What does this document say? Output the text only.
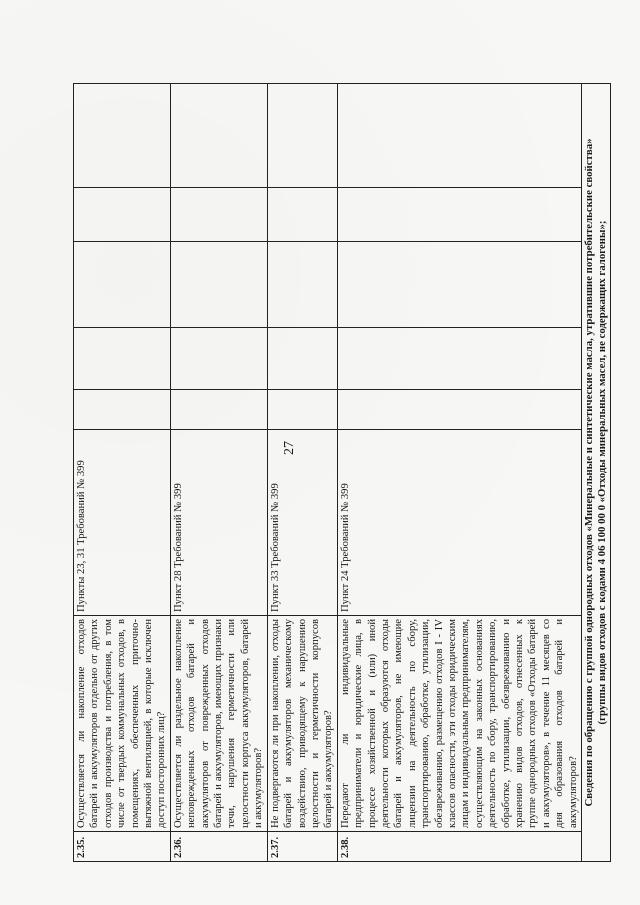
27
2.35.	Осуществляется ли накопление отходов батарей и аккумуляторов отдельно от других отходов производства и потребления, в том числе от твердых коммунальных отходов, в помещениях, обеспеченных приточно-вытяжной вентиляцией, в которые исключен доступ посторонних лиц?	Пункты 23, 31 Требований № 399					
2.36.	Осуществляется ли раздельное накопление неповрежденных отходов батарей и аккумуляторов от поврежденных отходов батарей и аккумуляторов, имеющих признаки течи, нарушения герметичности или целостности корпуса аккумуляторов, батарей и аккумуляторов?	Пункт 28 Требований № 399					
2.37.	Не подвергаются ли при накоплении, отходы батарей и аккумуляторов механическому воздействию, приводящему к нарушению целостности и герметичности корпусов батарей и аккумуляторов?	Пункт 33 Требований № 399					
2.38.	Передают ли индивидуальные предприниматели и юридические лица, в процессе хозяйственной и (или) иной деятельности которых образуются отходы батарей и аккумуляторов, не имеющие лицензии на деятельность по сбору, транспортированию, обработке, утилизации, обезвреживанию, размещению отходов I - IV классов опасности, эти отходы юридическим лицам и индивидуальным предпринимателям, осуществляющим на законных основаниях деятельность по сбору, транспортированию, обработке, утилизации, обезвреживанию и хранению видов отходов, отнесенных к группе однородных отходов «Отходы батарей и аккумуляторов», в течение 11 месяцев со дня образования отходов батарей и аккумуляторов?	Пункт 24 Требований № 399					

Сведения по обращению с группой однородных отходов «Минеральные и синтетические масла, утратившие потребительские свойства» (группы видов отходов с кодами 4 06 100 00 0 «Отходы минеральных масел, не содержащих галогены»;							
